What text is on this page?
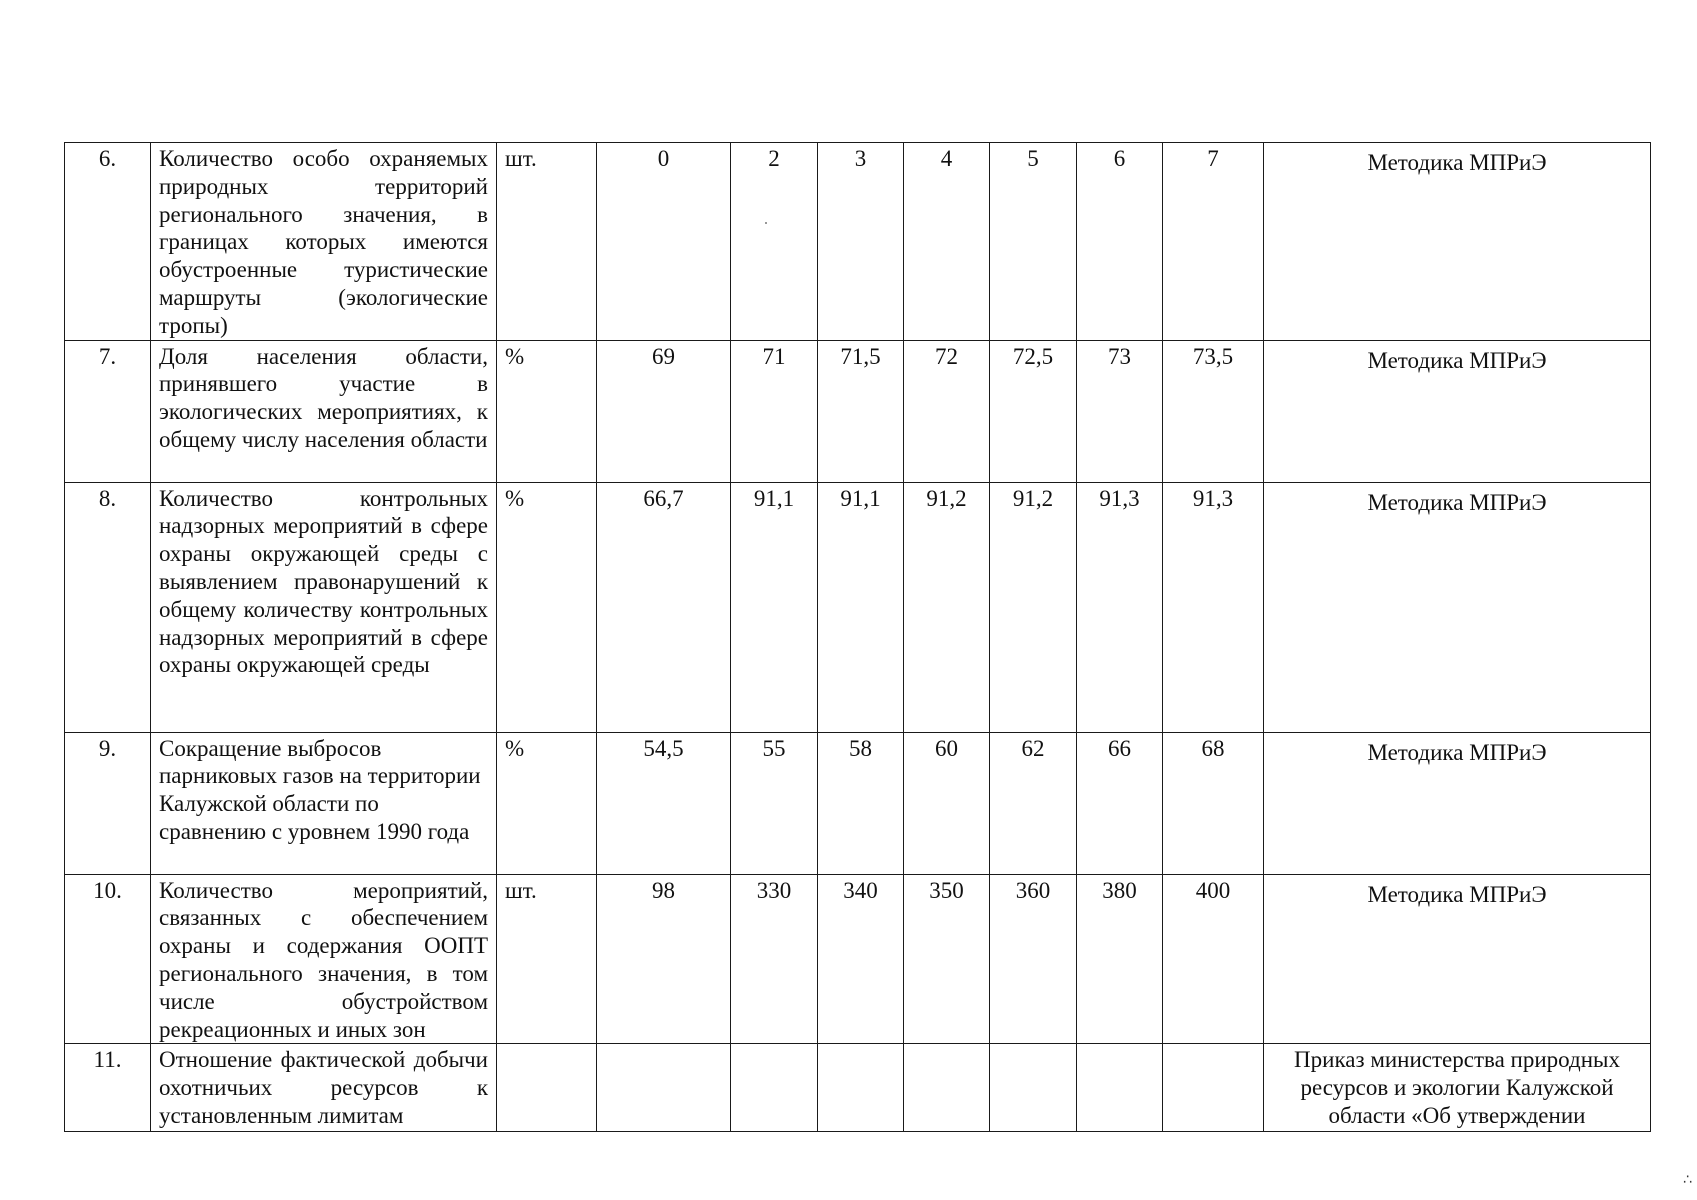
6.	Количество особо охраняемых природных территорий регионального значения, в границах которых имеются обустроенные туристические маршруты (экологические тропы)	шт.	0	2	3	4	5	6	7	Методика МПРиЭ
7.	Доля населения области, принявшего участие в экологических мероприятиях, к общему числу населения области	%	69	71	71,5	72	72,5	73	73,5	Методика МПРиЭ
8.	Количество контрольных надзорных мероприятий в сфере охраны окружающей среды с выявлением правонарушений к общему количеству контрольных надзорных мероприятий в сфере охраны окружающей среды	%	66,7	91,1	91,1	91,2	91,2	91,3	91,3	Методика МПРиЭ
9.	Сокращение выбросов парниковых газов на территории Калужской области по сравнению с уровнем 1990 года	%	54,5	55	58	60	62	66	68	Методика МПРиЭ
10.	Количество мероприятий, связанных с обеспечением охраны и содержания ООПТ регионального значения, в том числе обустройством рекреационных и иных зон	шт.	98	330	340	350	360	380	400	Методика МПРиЭ
11.	Отношение фактической добычи охотничьих ресурсов к установленным лимитам									Приказ министерства природных ресурсов и экологии Калужской области «Об утверждении
∴
